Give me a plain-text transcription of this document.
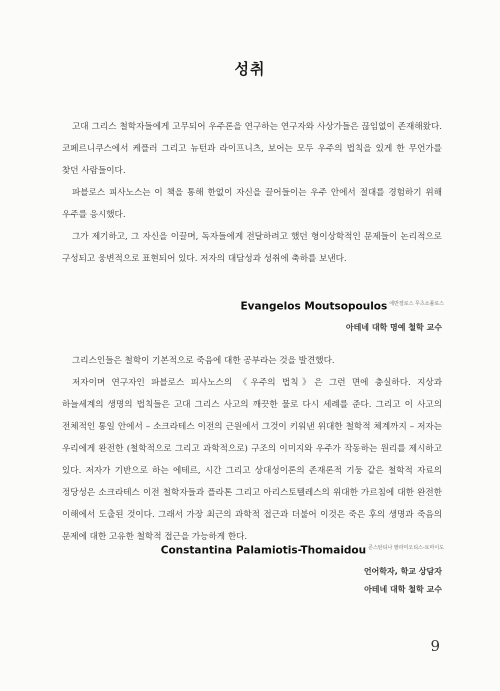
성취

고대 그리스 철학자들에게 고무되어 우주론을 연구하는 연구자와 사상가들은 끊임없이 존재해왔다. 코페르니쿠스에서 케플러 그리고 뉴턴과 라이프니츠, 보어는 모두 우주의 법칙을 있게 한 무언가를 찾던 사람들이다.

파블로스 피사노스는 이 책을 통해 한없이 자신을 끌어들이는 우주 안에서 절대를 경험하기 위해 우주를 응시했다.

그가 제기하고, 그 자신을 이끌며, 독자들에게 전달하려고 했던 형이상학적인 문제들이 논리적으로 구성되고 웅변적으로 표현되어 있다. 저자의 대담성과 성취에 축하를 보낸다.

Evangelos Moutsopoulos $^{에반겔로스 무츠소폴로스}$
아테네 대학 명예 철학 교수

그리스인들은 철학이 기본적으로 죽음에 대한 공부라는 것을 발견했다.

저자이며 연구자인 파블로스 피사노스의 《우주의 법칙》은 그런 면에 충실하다. 지상과 하늘세계의 생명의 법칙들은 고대 그리스 사고의 깨끗한 물로 다시 세례를 준다. 그리고 이 사고의 전체적인 통일 안에서 – 소크라테스 이전의 근원에서 그것이 키워낸 위대한 철학적 체계까지 – 저자는 우리에게 완전한 (철학적으로 그리고 과학적으로) 구조의 이미지와 우주가 작동하는 원리를 제시하고 있다. 저자가 기반으로 하는 에테르, 시간 그리고 상대성이론의 존재론적 기둥 같은 철학적 자료의 정당성은 소크라테스 이전 철학자들과 플라톤 그리고 아리스토텔레스의 위대한 가르침에 대한 완전한 이해에서 도출된 것이다. 그래서 가장 최근의 과학적 접근과 더불어 이것은 죽은 후의 생명과 죽음의 문제에 대한 고유한 철학적 접근을 가능하게 한다.

Constantina Palamiotis-Thomaidou $^{콘스탄티나 팔라미오티스-토마이도}$
언어학자, 학교 상담자
아테네 대학 철학 교수
9
